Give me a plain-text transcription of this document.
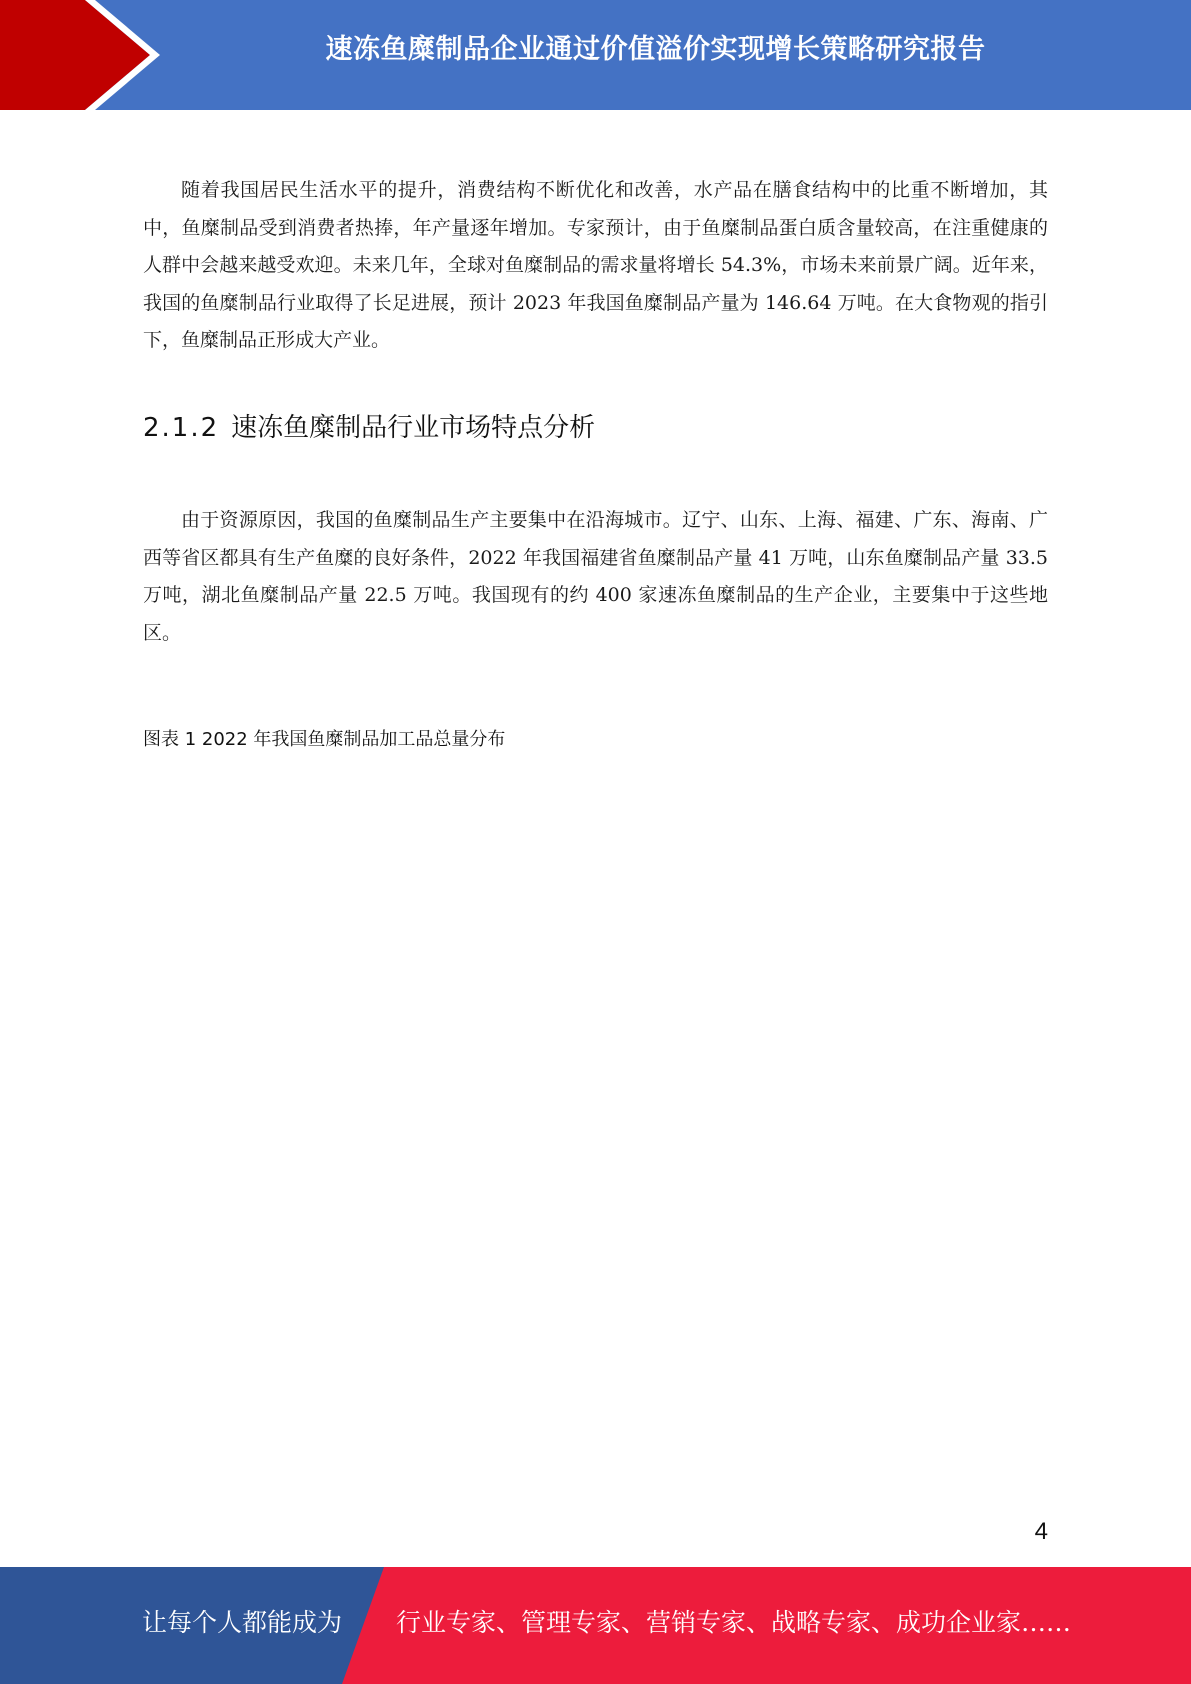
速冻鱼糜制品企业通过价值溢价实现增长策略研究报告

随着我国居民生活水平的提升，消费结构不断优化和改善，水产品在膳食结构中的比重不断增加，其中，鱼糜制品受到消费者热捧，年产量逐年增加。专家预计，由于鱼糜制品蛋白质含量较高，在注重健康的人群中会越来越受欢迎。未来几年，全球对鱼糜制品的需求量将增长 54.3%，市场未来前景广阔。近年来，我国的鱼糜制品行业取得了长足进展，预计 2023 年我国鱼糜制品产量为 146.64 万吨。在大食物观的指引下，鱼糜制品正形成大产业。

2.1.2 速冻鱼糜制品行业市场特点分析

由于资源原因，我国的鱼糜制品生产主要集中在沿海城市。辽宁、山东、上海、福建、广东、海南、广西等省区都具有生产鱼糜的良好条件，2022 年我国福建省鱼糜制品产量 41 万吨，山东鱼糜制品产量 33.5 万吨，湖北鱼糜制品产量 22.5 万吨。我国现有的约 400 家速冻鱼糜制品的生产企业，主要集中于这些地区。

图表 1 2022 年我国鱼糜制品加工品总量分布
4
让每个人都能成为 行业专家、管理专家、营销专家、战略专家、成功企业家……
